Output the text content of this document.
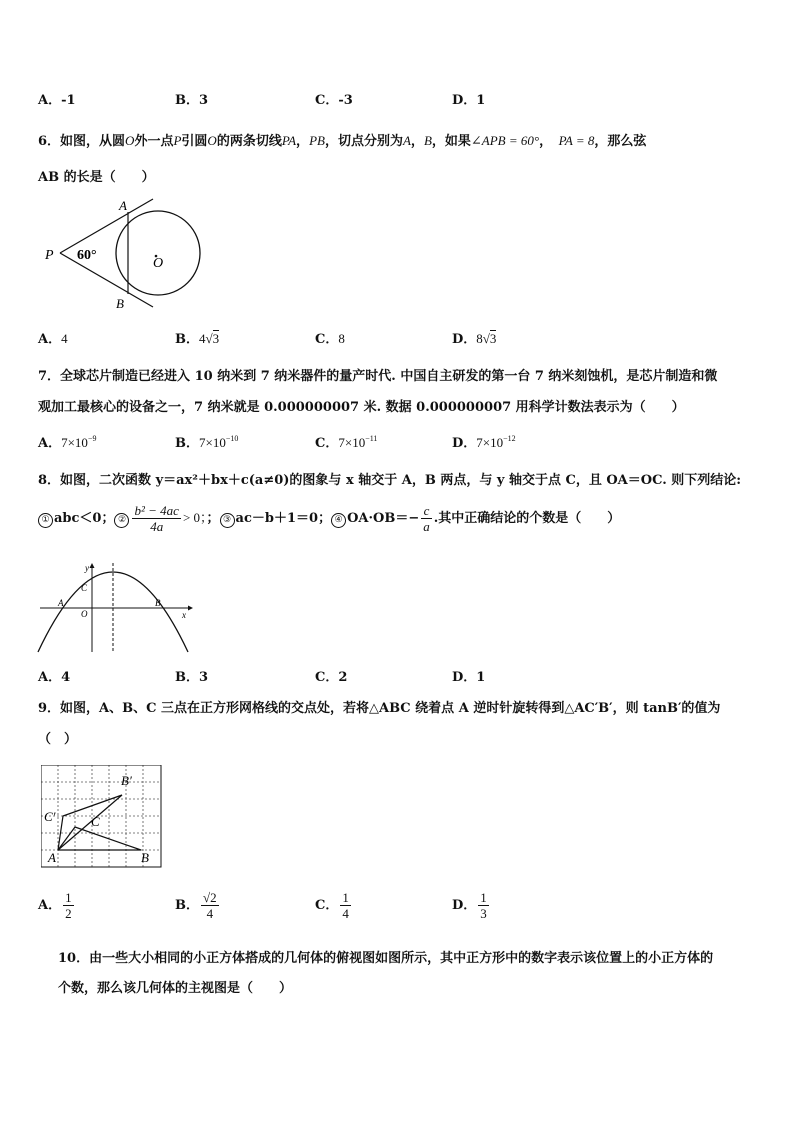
A．-1	B．3	C．-3	D．1
6．如图，从圆O外一点P引圆O的两条切线PA，PB，切点分别为A，B，如果∠APB = 60°，　PA = 8，那么弦
AB 的长是（　　）
P
A
B
O
60°
A．4	B．4√3	C．8	D．8√3
7．全球芯片制造已经进入 10 纳米到 7 纳米器件的量产时代. 中国自主研发的第一台 7 纳米刻蚀机，是芯片制造和微
观加工最核心的设备之一，7 纳米就是 0.000000007 米. 数据 0.000000007 用科学计数法表示为（　　）
A．$7\times 10^{-9}$	B．$7\times 10^{-10}$	C．$7\times 10^{-11}$	D．$7\times 10^{-12}$
8．如图，二次函数 y＝ax²＋bx＋c(a≠0)的图象与 x 轴交于 A，B 两点，与 y 轴交于点 C，且 OA＝OC. 则下列结论:
① abc＜0； ② $\frac{\text{b² − 4ac}}{4a} > 0$；； ③ ac－b＋1＝0； ④ $OA\cdot OB=- \frac{c}{a}$ .其中正确结论的个数是（　　）
y
x
C
A
O
B
A．4	B．3	C．2	D．1
9．如图，A、B、C 三点在正方形网格线的交点处，若将△ABC 绕着点 A 逆时针旋转得到△AC′B′，则 tanB′的值为
（　）
B′
C′	C
A	B
A． $\frac{1}{2}$	B． $\frac{√2}{4}$	C． $\frac{1}{4}$	D． $\frac{1}{3}$
10．由一些大小相同的小正方体搭成的几何体的俯视图如图所示，其中正方形中的数字表示该位置上的小正方体的
个数，那么该几何体的主视图是（　　）
